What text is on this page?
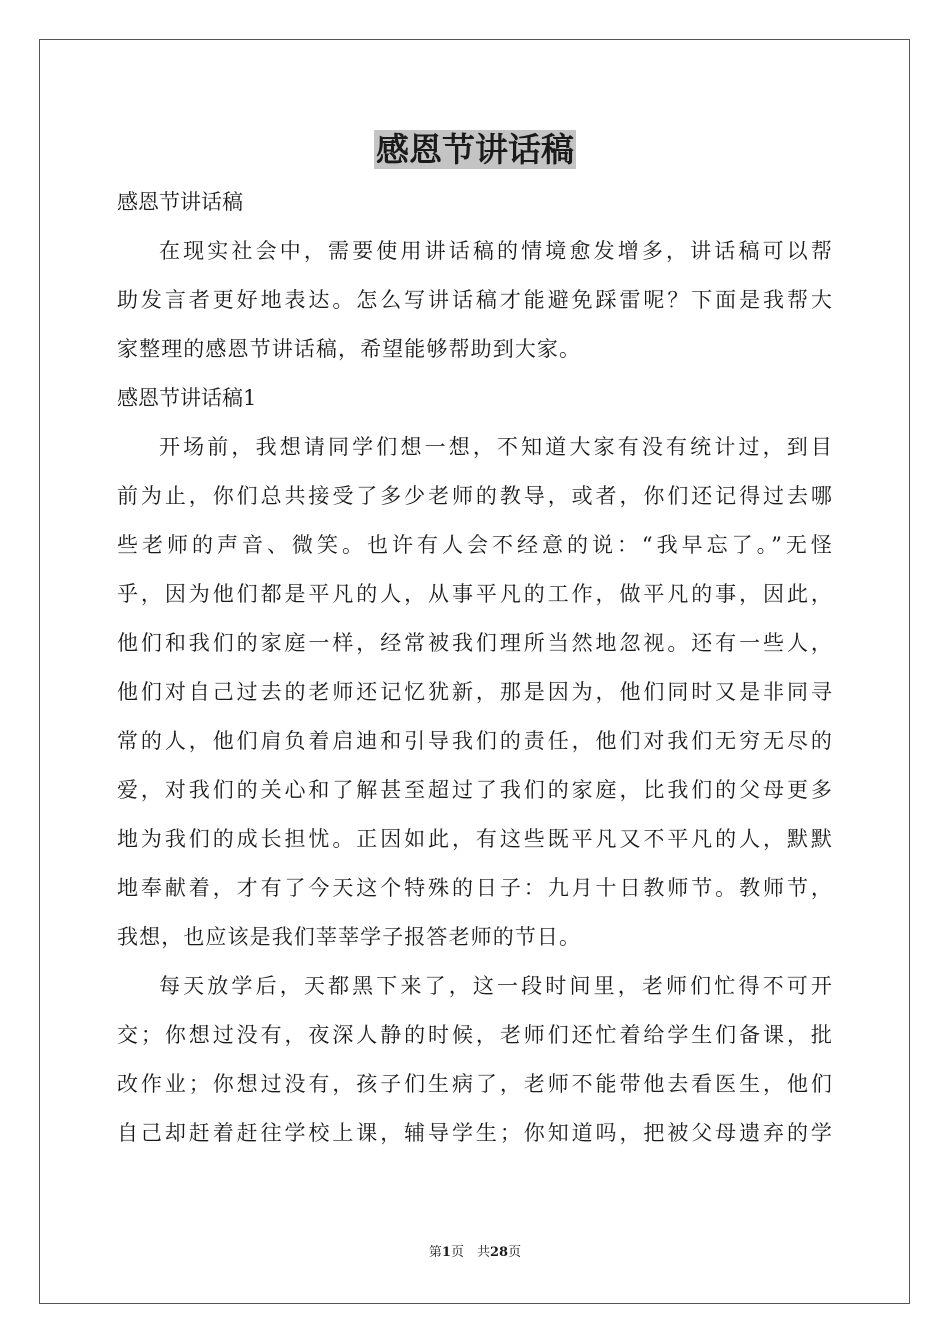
感恩节讲话稿

感恩节讲话稿

在现实社会中，需要使用讲话稿的情境愈发增多，讲话稿可以帮
助发言者更好地表达。怎么写讲话稿才能避免踩雷呢？下面是我帮大
家整理的感恩节讲话稿，希望能够帮助到大家。

感恩节讲话稿1

开场前，我想请同学们想一想，不知道大家有没有统计过，到目
前为止，你们总共接受了多少老师的教导，或者，你们还记得过去哪
些老师的声音、微笑。也许有人会不经意的说：“我早忘了。”无怪
乎，因为他们都是平凡的人，从事平凡的工作，做平凡的事，因此，
他们和我们的家庭一样，经常被我们理所当然地忽视。还有一些人，
他们对自己过去的老师还记忆犹新，那是因为，他们同时又是非同寻
常的人，他们肩负着启迪和引导我们的责任，他们对我们无穷无尽的
爱，对我们的关心和了解甚至超过了我们的家庭，比我们的父母更多
地为我们的成长担忧。正因如此，有这些既平凡又不平凡的人，默默
地奉献着，才有了今天这个特殊的日子：九月十日教师节。教师节，
我想，也应该是我们莘莘学子报答老师的节日。

每天放学后，天都黑下来了，这一段时间里，老师们忙得不可开
交；你想过没有，夜深人静的时候，老师们还忙着给学生们备课，批
改作业；你想过没有，孩子们生病了，老师不能带他去看医生，他们
自己却赶着赶往学校上课，辅导学生；你知道吗，把被父母遗弃的学

第1页　共28页
